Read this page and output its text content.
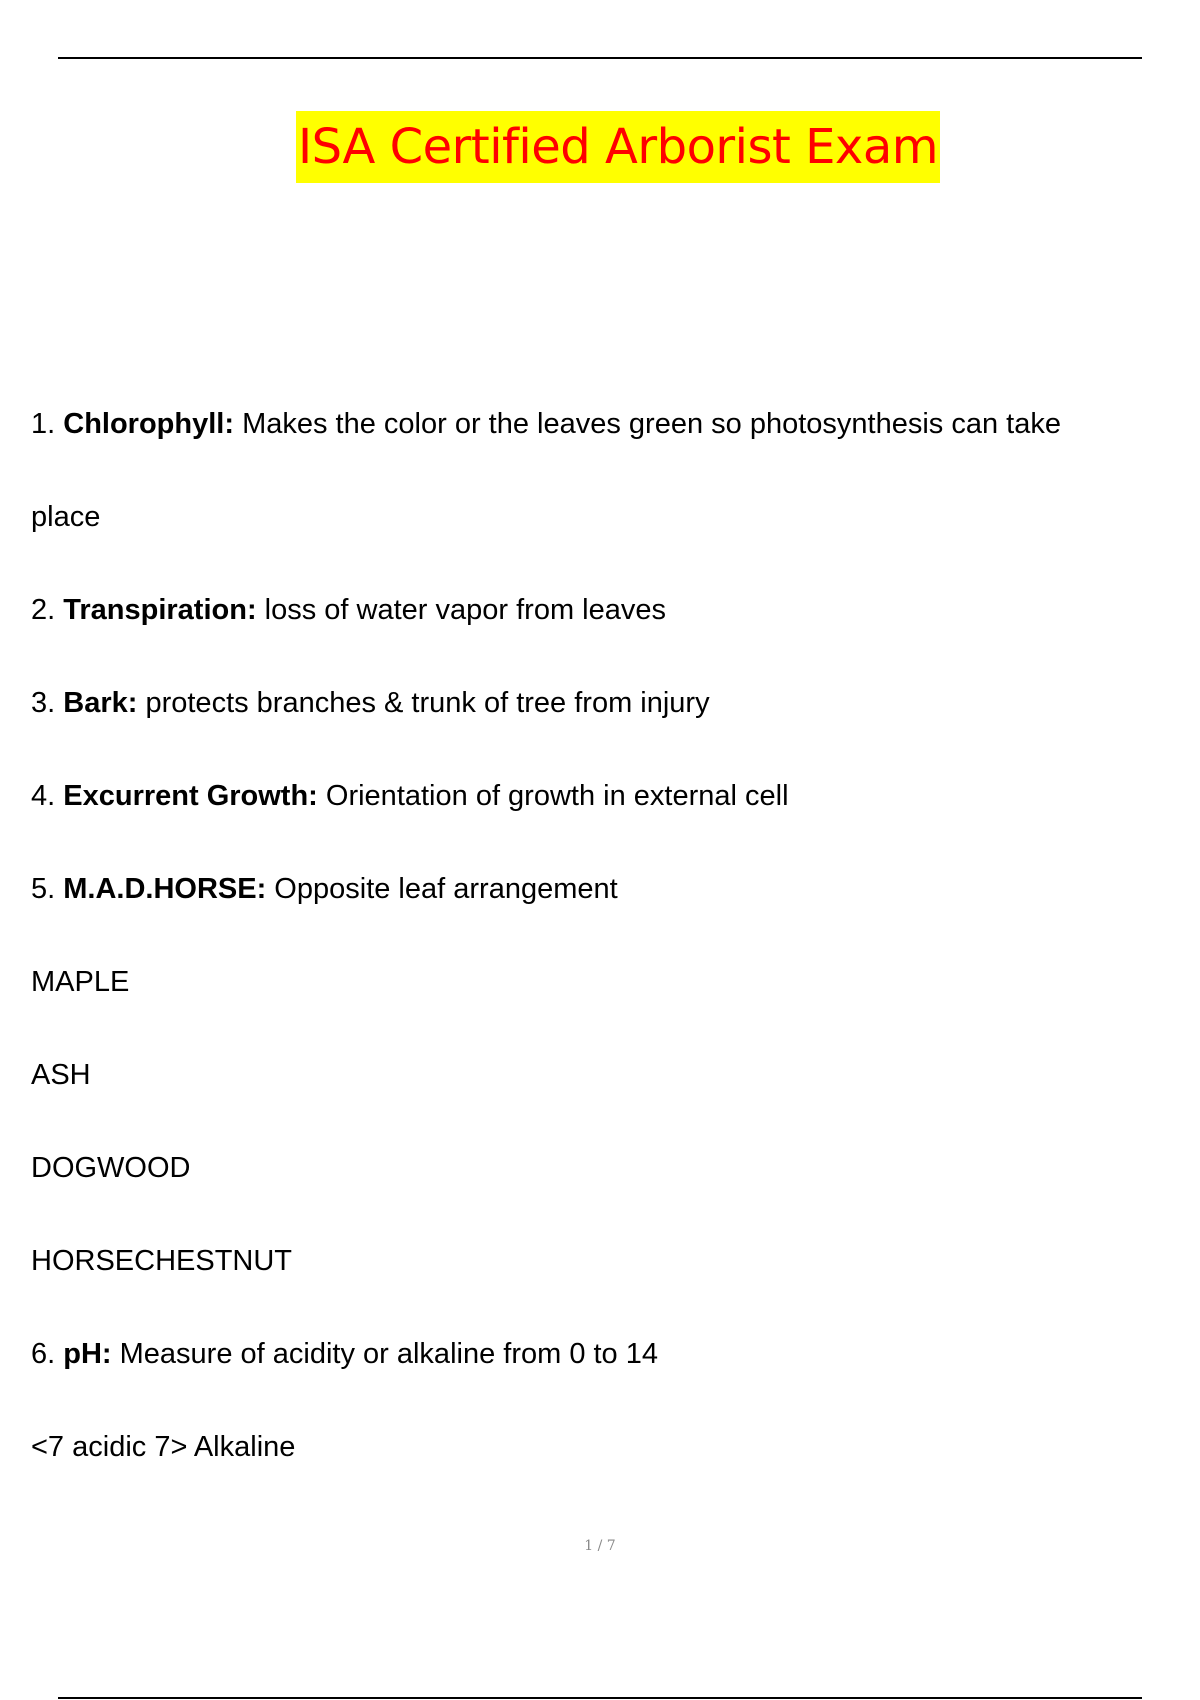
ISA Certified Arborist Exam
1. Chlorophyll: Makes the color or the leaves green so photosynthesis can take
place
2. Transpiration: loss of water vapor from leaves
3. Bark: protects branches & trunk of tree from injury
4. Excurrent Growth: Orientation of growth in external cell
5. M.A.D.HORSE: Opposite leaf arrangement
MAPLE
ASH
DOGWOOD
HORSECHESTNUT
6. pH: Measure of acidity or alkaline from 0 to 14
<7 acidic 7> Alkaline
1 / 7
